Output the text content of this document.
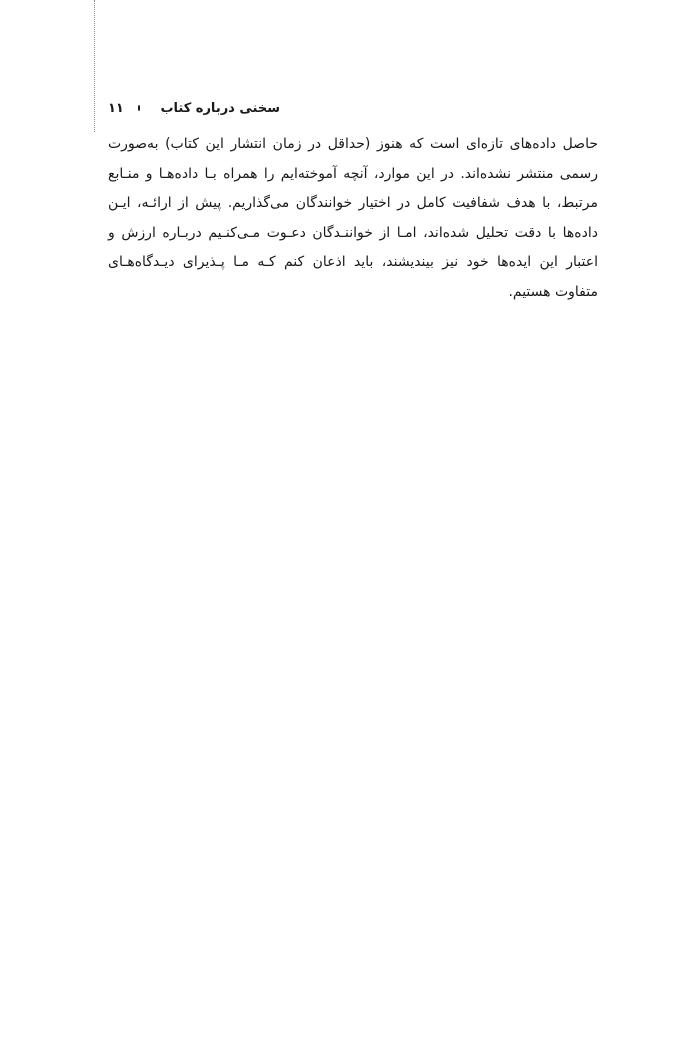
۱۱	سخنی درباره کتاب

حاصل داده‌های تازه‌ای است که هنوز (حداقل در زمان انتشار این کتاب) به‌صورت رسمی منتشر نشده‌اند. در این موارد، آنچه آموخته‌ایم را همراه بـا داده‌هـا و منـابع مرتبط، با هدف شفافیت کامل در اختیار خوانندگان می‌گذاریم. پیش از ارائـه، ایـن داده‌ها با دقت تحلیل شده‌اند، امـا از خواننـدگان دعـوت مـی‌کنـیم دربـاره ارزش و اعتبار این ایده‌ها خود نیز بیندیشند، باید اذعان کنم کـه مـا پـذیرای دیـدگاه‌هـای متفاوت هستیم.
